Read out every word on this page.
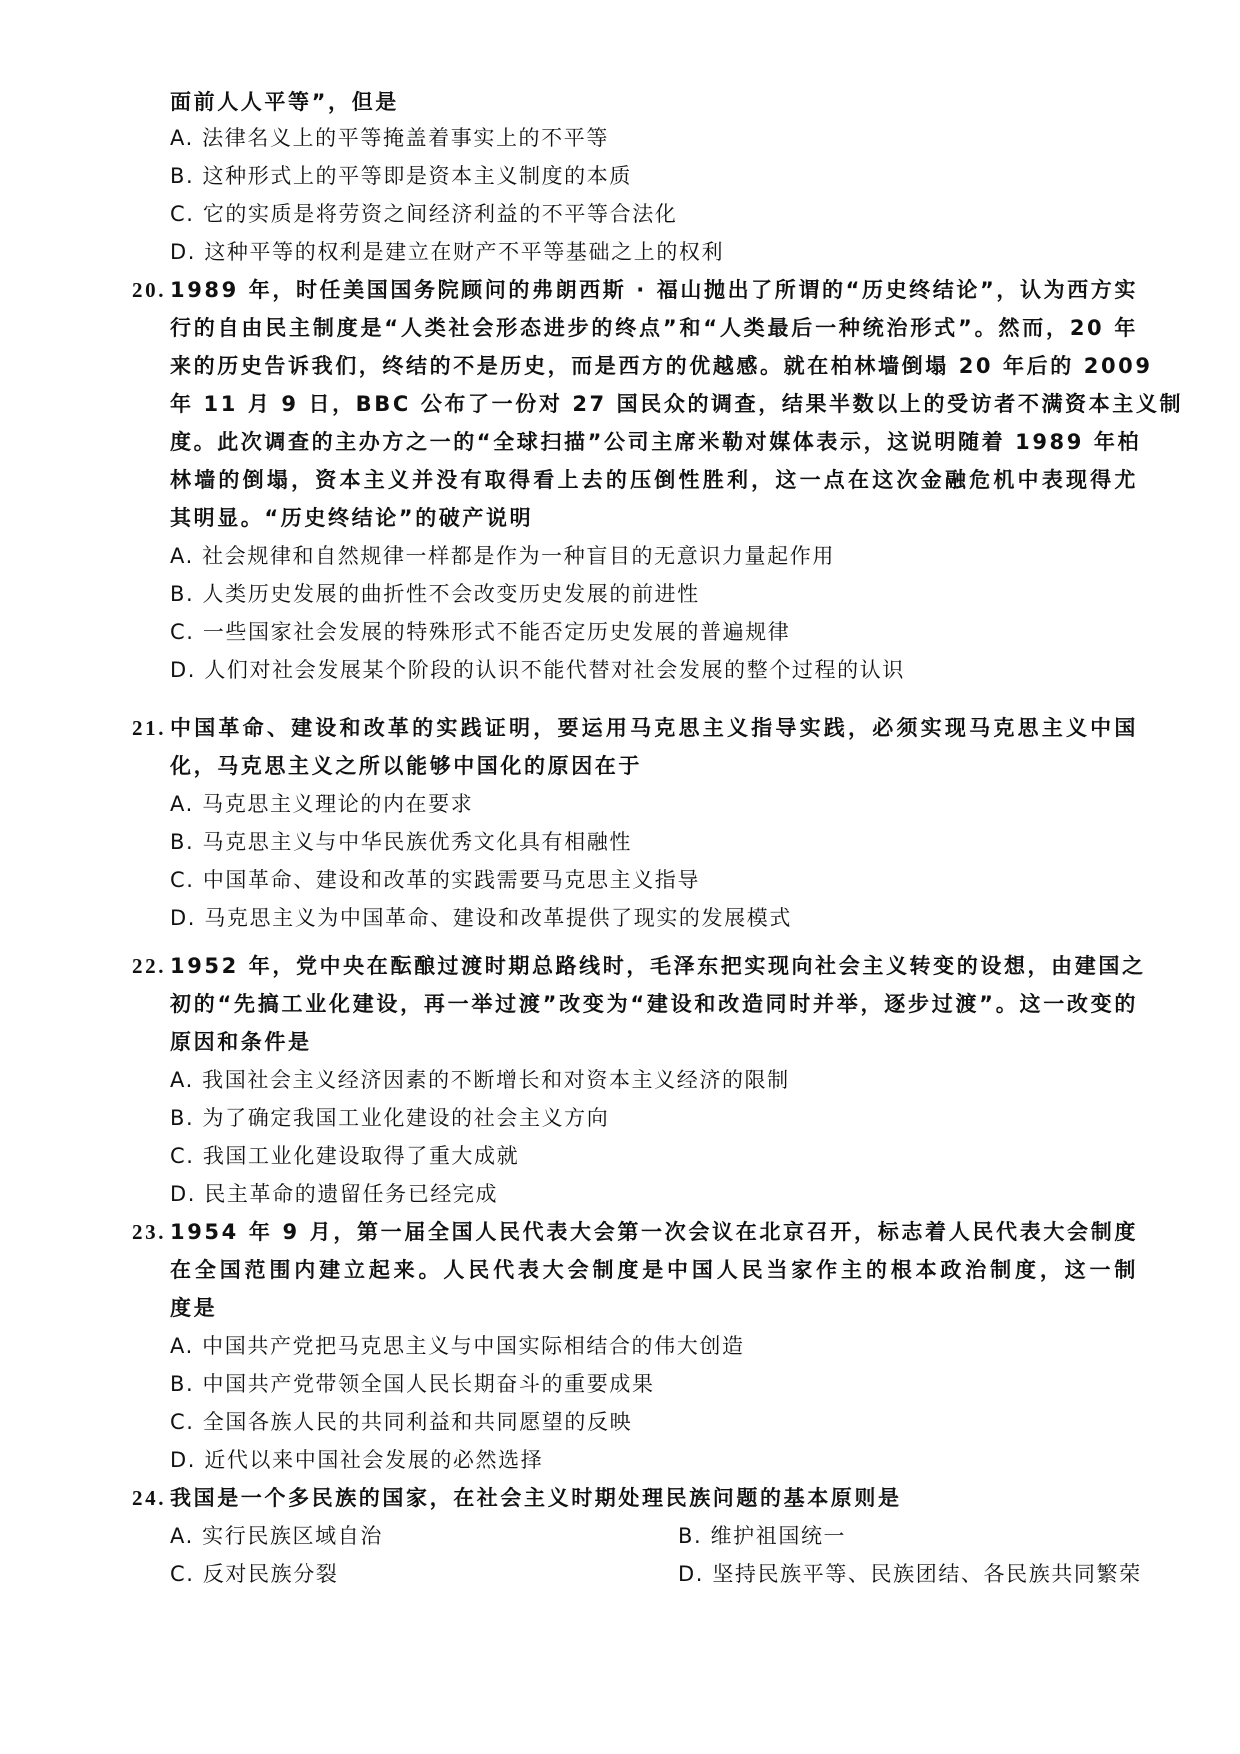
面前人人平等”，但是
A. 法律名义上的平等掩盖着事实上的不平等
B. 这种形式上的平等即是资本主义制度的本质
C. 它的实质是将劳资之间经济利益的不平等合法化
D. 这种平等的权利是建立在财产不平等基础之上的权利
20. 1989 年，时任美国国务院顾问的弗朗西斯 · 福山抛出了所谓的“历史终结论”，认为西方实
行的自由民主制度是“人类社会形态进步的终点”和“人类最后一种统治形式”。然而，20 年
来的历史告诉我们，终结的不是历史，而是西方的优越感。就在柏林墙倒塌 20 年后的 2009
年 11 月 9 日，BBC 公布了一份对 27 国民众的调查，结果半数以上的受访者不满资本主义制
度。此次调查的主办方之一的“全球扫描”公司主席米勒对媒体表示，这说明随着 1989 年柏
林墙的倒塌，资本主义并没有取得看上去的压倒性胜利，这一点在这次金融危机中表现得尤
其明显。“历史终结论”的破产说明
A. 社会规律和自然规律一样都是作为一种盲目的无意识力量起作用
B. 人类历史发展的曲折性不会改变历史发展的前进性
C. 一些国家社会发展的特殊形式不能否定历史发展的普遍规律
D. 人们对社会发展某个阶段的认识不能代替对社会发展的整个过程的认识
21. 中国革命、建设和改革的实践证明，要运用马克思主义指导实践，必须实现马克思主义中国
化，马克思主义之所以能够中国化的原因在于
A. 马克思主义理论的内在要求
B. 马克思主义与中华民族优秀文化具有相融性
C. 中国革命、建设和改革的实践需要马克思主义指导
D. 马克思主义为中国革命、建设和改革提供了现实的发展模式
22. 1952 年，党中央在酝酿过渡时期总路线时，毛泽东把实现向社会主义转变的设想，由建国之
初的“先搞工业化建设，再一举过渡”改变为“建设和改造同时并举，逐步过渡”。这一改变的
原因和条件是
A. 我国社会主义经济因素的不断增长和对资本主义经济的限制
B. 为了确定我国工业化建设的社会主义方向
C. 我国工业化建设取得了重大成就
D. 民主革命的遗留任务已经完成
23. 1954 年 9 月，第一届全国人民代表大会第一次会议在北京召开，标志着人民代表大会制度
在全国范围内建立起来。人民代表大会制度是中国人民当家作主的根本政治制度，这一制
度是
A. 中国共产党把马克思主义与中国实际相结合的伟大创造
B. 中国共产党带领全国人民长期奋斗的重要成果
C. 全国各族人民的共同利益和共同愿望的反映
D. 近代以来中国社会发展的必然选择
24. 我国是一个多民族的国家，在社会主义时期处理民族问题的基本原则是
A. 实行民族区域自治	B. 维护祖国统一
C. 反对民族分裂	D. 坚持民族平等、民族团结、各民族共同繁荣
